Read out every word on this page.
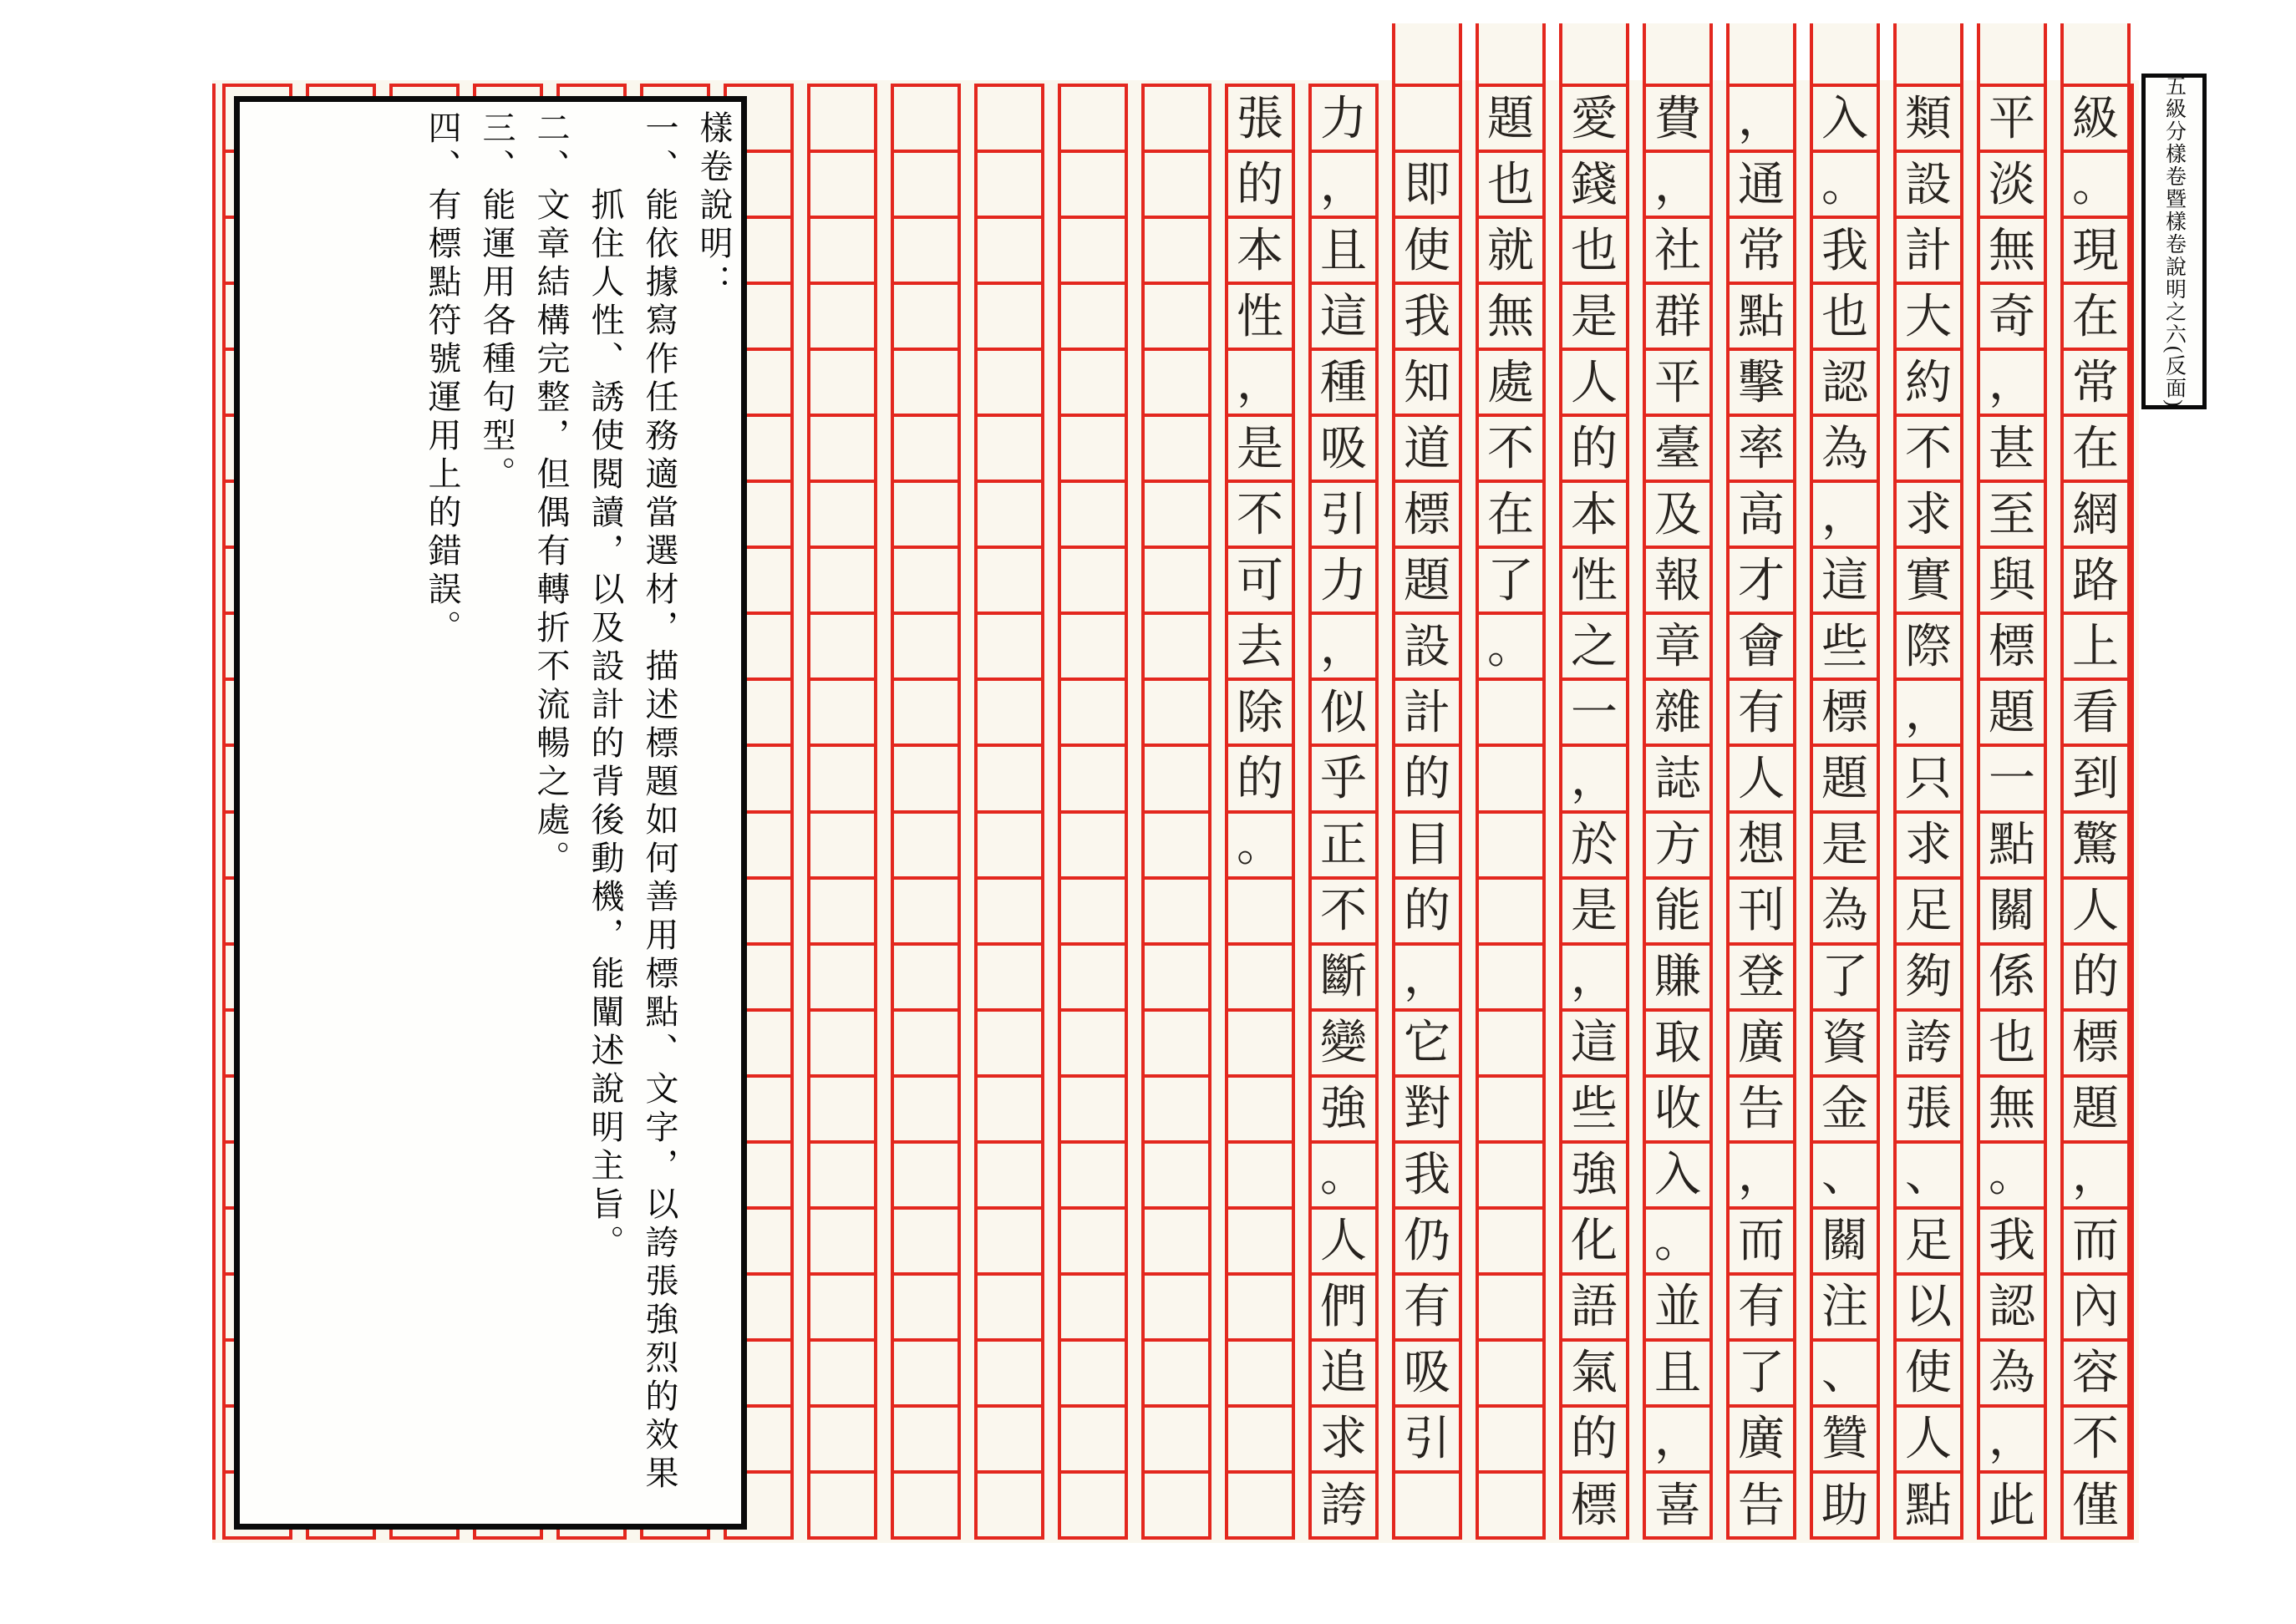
張
的
本
性
，
是
不
可
去
除
的
。
力
，
且
這
種
吸
引
力
，
似
乎
正
不
斷
變
強
。
人
們
追
求
誇
即
使
我
知
道
標
題
設
計
的
目
的
，
它
對
我
仍
有
吸
引
題
也
就
無
處
不
在
了
。
愛
錢
也
是
人
的
本
性
之
一
，
於
是
，
這
些
強
化
語
氣
的
標
費
，
社
群
平
臺
及
報
章
雜
誌
方
能
賺
取
收
入
。
並
且
，
喜
，
通
常
點
擊
率
高
才
會
有
人
想
刊
登
廣
告
，
而
有
了
廣
告
入
。
我
也
認
為
，
這
些
標
題
是
為
了
資
金
、
關
注
、
贊
助
類
設
計
大
約
不
求
實
際
，
只
求
足
夠
誇
張
、
足
以
使
人
點
平
淡
無
奇
，
甚
至
與
標
題
一
點
關
係
也
無
。
我
認
為
，
此
級
。
現
在
常
在
網
路
上
看
到
驚
人
的
標
題
，
而
內
容
不
僅
樣卷說明：
一、能依據寫作任務適當選材，描述標題如何善用標點、文字，以誇張強烈的效果
抓住人性、誘使閱讀，以及設計的背後動機，能闡述說明主旨。
二、文章結構完整，但偶有轉折不流暢之處。
三、能運用各種句型。
四、有標點符號運用上的錯誤。	五級分樣卷暨樣卷說明之六(反面)
